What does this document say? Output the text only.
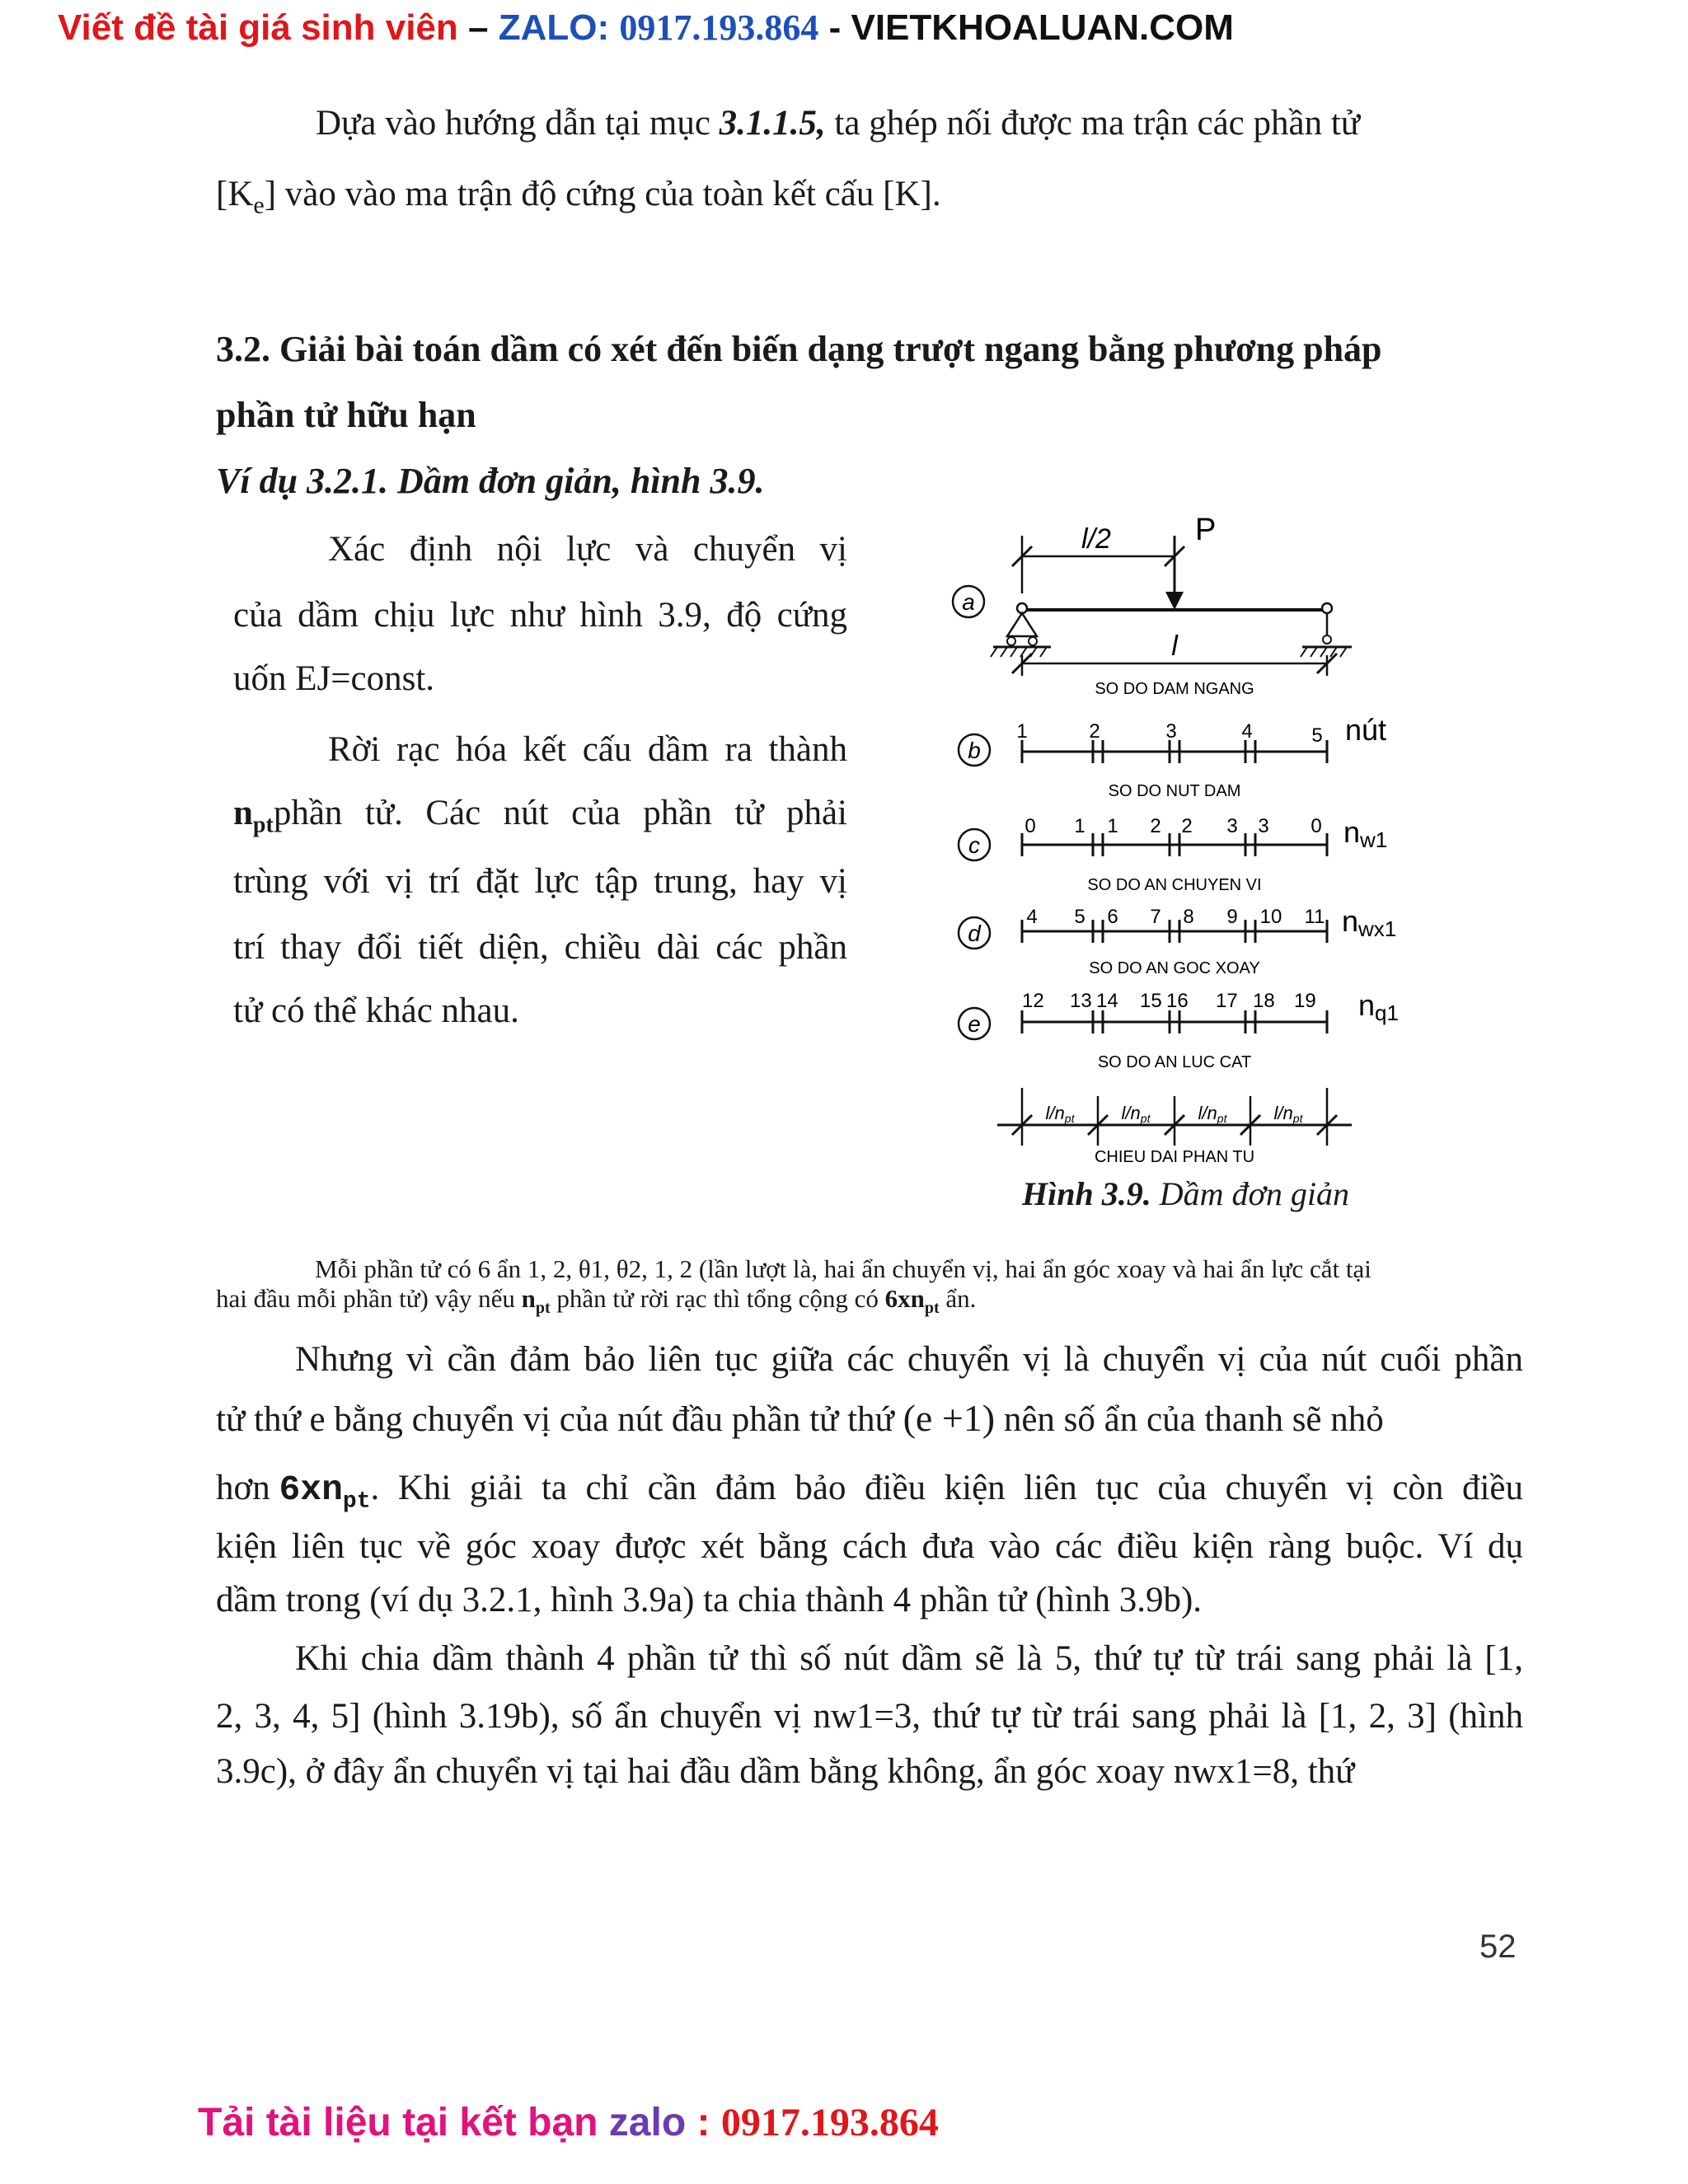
Viết đề tài giá sinh viên – ZALO: 0917.193.864 - VIETKHOALUAN.COM
Dựa vào hướng dẫn tại mục 3.1.1.5, ta ghép nối được ma trận các phần tử
$[K_e]$ vào vào ma trận độ cứng của toàn kết cấu [K].
3.2. Giải bài toán dầm có xét đến biến dạng trượt ngang bằng phương pháp
phần tử hữu hạn
Ví dụ 3.2.1. Dầm đơn giản, hình 3.9.
Xác định nội lực và chuyển vị
của dầm chịu lực như hình 3.9, độ cứng
uốn EJ=const.
Rời rạc hóa kết cấu dầm ra thành
$n_{pt}$ phần tử. Các nút của phần tử phải
trùng với vị trí đặt lực tập trung, hay vị
trí thay đổi tiết diện, chiều dài các phần
tử có thể khác nhau.
a
l/2	P
l
SO DO DAM NGANG
b
1	2	3	4	5 nút
SO DO NUT DAM
c
0 1 1 2 2 3 3 0 nw1
SO DO AN CHUYEN VI
d
4 5 6 7 8 9 10 11 nwx1
SO DO AN GOC XOAY
e
12 13 14 15 16 17 18 19 nq1
SO DO AN LUC CAT
l/npt	l/npt	l/npt	l/npt
CHIEU DAI PHAN TU
Hình 3.9. Dầm đơn giản
Mỗi phần tử có 6 ẩn 1, 2, θ1, θ2, 1, 2 (lần lượt là, hai ẩn chuyển vị, hai ẩn góc xoay và hai ẩn lực cắt tại
hai đầu mỗi phần tử) vậy nếu $n_{pt}$ phần tử rời rạc thì tổng cộng có $6xn_{pt}$ ẩn.
Nhưng vì cần đảm bảo liên tục giữa các chuyển vị là chuyển vị của nút cuối phần
tử thứ e bằng chuyển vị của nút đầu phần tử thứ (e +1) nên số ẩn của thanh sẽ nhỏ
hơn $6xn_{pt}$ . Khi giải ta chỉ cần đảm bảo điều kiện liên tục của chuyển vị còn điều
kiện liên tục về góc xoay được xét bằng cách đưa vào các điều kiện ràng buộc. Ví dụ
dầm trong (ví dụ 3.2.1, hình 3.9a) ta chia thành 4 phần tử (hình 3.9b).
Khi chia dầm thành 4 phần tử thì số nút dầm sẽ là 5, thứ tự từ trái sang phải là [1,
2, 3, 4, 5] (hình 3.19b), số ẩn chuyển vị nw1=3, thứ tự từ trái sang phải là [1, 2, 3] (hình
3.9c), ở đây ẩn chuyển vị tại hai đầu dầm bằng không, ẩn góc xoay nwx1=8, thứ
52
Tải tài liệu tại kết bạn zalo : 0917.193.864
